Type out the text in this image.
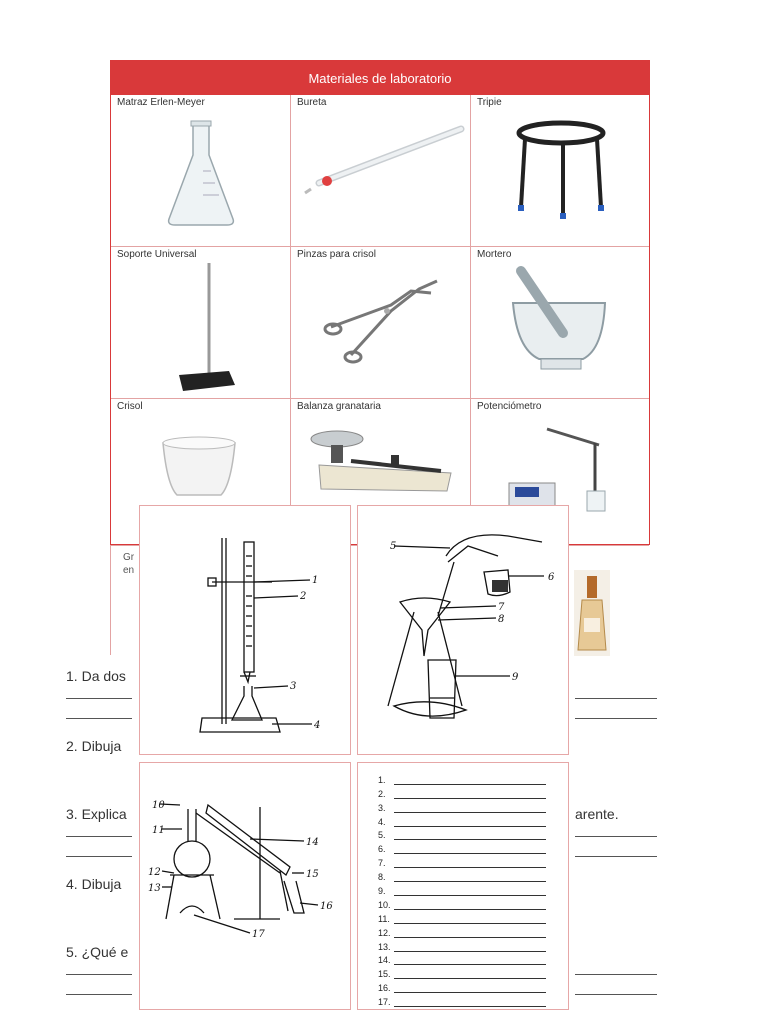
Materiales de laboratorio
Matraz Erlen-Meyer	Bureta	Tripie
Soporte Universal	Pinzas para crisol	Mortero
Crisol	Balanza granataria	Potenciómetro
Gr
en
1. Da dos
2. Dibuja
3. Explica	arente.
4. Dibuja
5. ¿Qué e
1
2
3
4
5
6
7
8
9
10
11
12
13
14
15
16
17
1.
2.
3.
4.
5.
6.
7.
8.
9.
10.
11.
12.
13.
14.
15.
16.
17.
